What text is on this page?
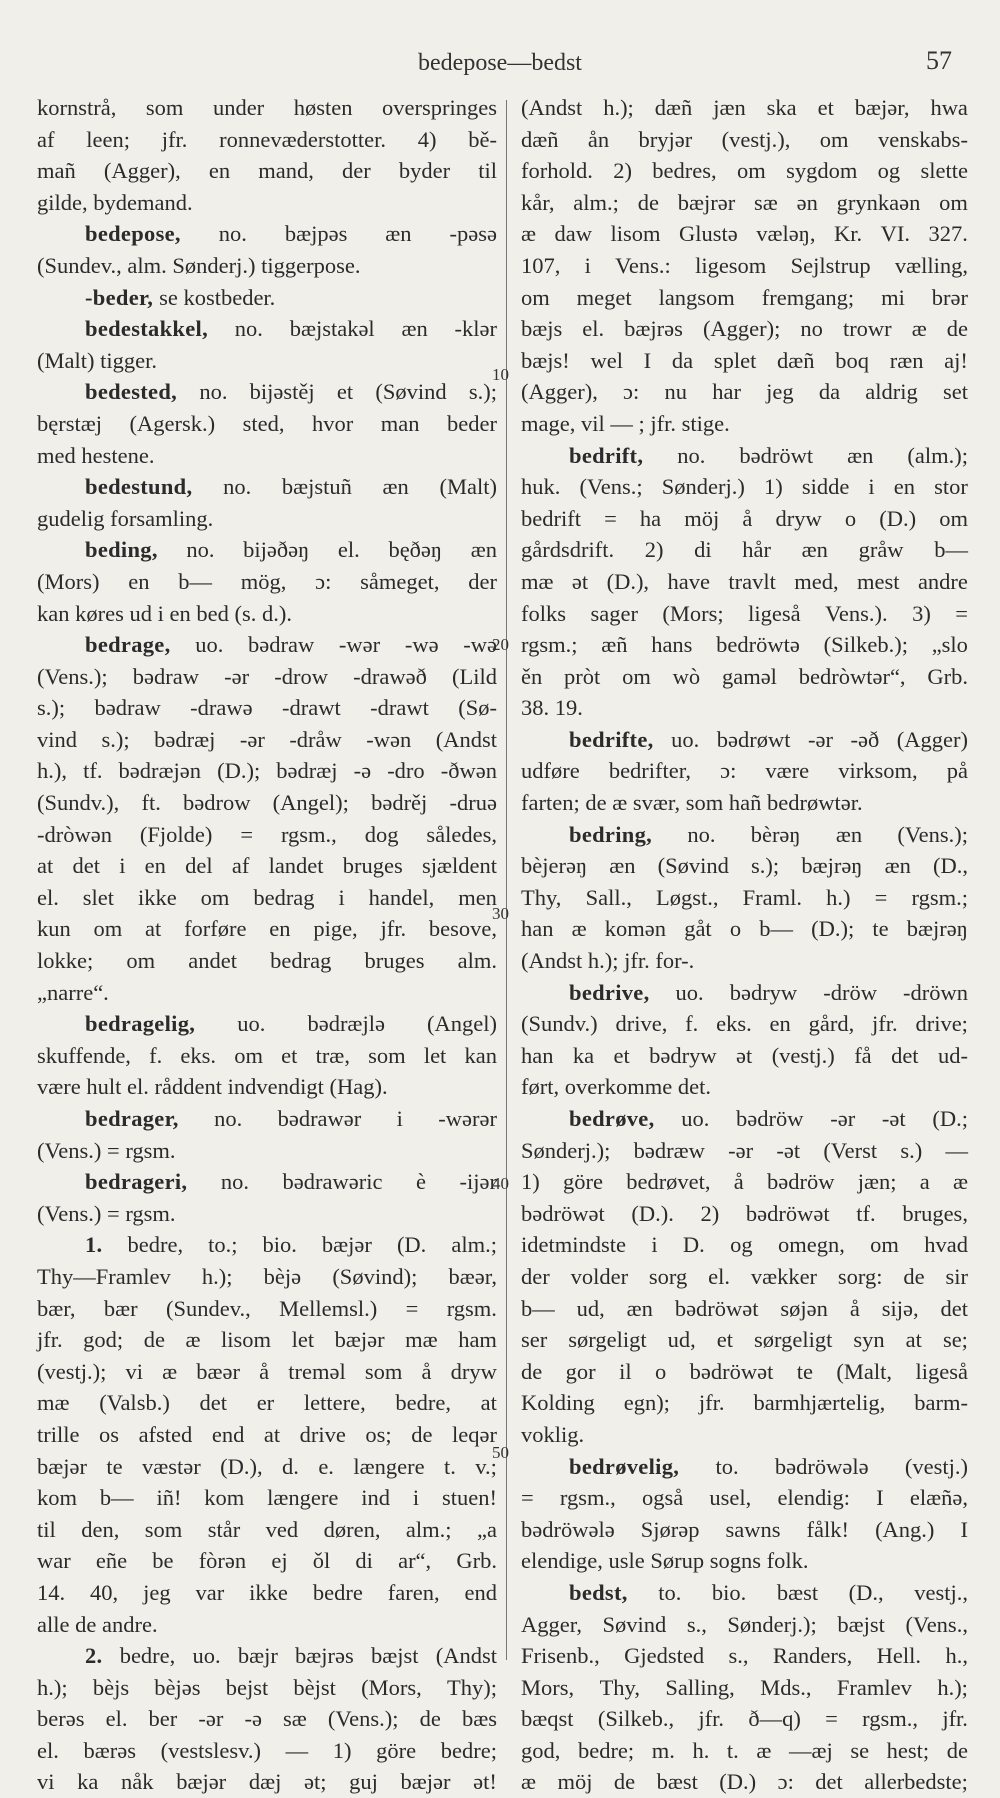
bedepose—bedst	57
kornstrå, som under høsten overspringes
af leen; jfr. ronnevæderstotter. 4) bě-
mañ (Agger), en mand, der byder til
gilde, bydemand.
bedepose, no. bæjpəs æn -pəsə
(Sundev., alm. Sønderj.) tiggerpose.
-beder, se kostbeder.
bedestakkel, no. bæjstakəl æn -klər
(Malt) tigger.
bedested, no. bijəstěj et (Søvind s.);
bęrstæj (Agersk.) sted, hvor man beder
med hestene.
bedestund, no. bæjstuñ æn (Malt)
gudelig forsamling.
beding, no. bijəðəŋ el. bęðəŋ æn
(Mors) en b— mög, ɔ: såmeget, der
kan køres ud i en bed (s. d.).
bedrage, uo. bədraw -wər -wə -wə
(Vens.); bədraw -ər -drow -drawəð (Lild
s.); bədraw -drawə -drawt -drawt (Sø-
vind s.); bədræj -ər -dråw -wən (Andst
h.), tf. bədræjən (D.); bədræj -ə -dro -ðwən
(Sundv.), ft. bədrow (Angel); bədrěj -druə
-dròwən (Fjolde) = rgsm., dog således,
at det i en del af landet bruges sjældent
el. slet ikke om bedrag i handel, men
kun om at forføre en pige, jfr. besove,
lokke; om andet bedrag bruges alm.
„narre“.
bedragelig, uo. bədræjlə (Angel)
skuffende, f. eks. om et træ, som let kan
være hult el. råddent indvendigt (Hag).
bedrager, no. bədrawər i -wərər
(Vens.) = rgsm.
bedrageri, no. bədrawəric è -ijər
(Vens.) = rgsm.
1. bedre, to.; bio. bæjər (D. alm.;
Thy—Framlev h.); bèjə (Søvind); bæər,
bær, bær (Sundev., Mellemsl.) = rgsm.
jfr. god; de æ lisom let bæjər mæ ham
(vestj.); vi æ bæər å treməl som å dryw
mæ (Valsb.) det er lettere, bedre, at
trille os afsted end at drive os; de leqər
bæjər te væstər (D.), d. e. længere t. v.;
kom b— iñ! kom længere ind i stuen!
til den, som står ved døren, alm.; „a
war eñe be fòrən ej ǒl di ar“, Grb.
14. 40, jeg var ikke bedre faren, end
alle de andre.
2. bedre, uo. bæjr bæjrəs bæjst (Andst
h.); bèjs bèjəs bejst bèjst (Mors, Thy);
berəs el. ber -ər -ə sæ (Vens.); de bæs
el. bærəs (vestslesv.) — 1) göre bedre;
vi ka nåk bæjər dæj ət; guj bæjər ət!
(Andst h.); dæñ jæn ska et bæjər, hwa
dæñ ån bryjər (vestj.), om venskabs-
forhold. 2) bedres, om sygdom og slette
kår, alm.; de bæjrər sæ ən grynkaən om
æ daw lisom Glustə væləŋ, Kr. VI. 327.
107, i Vens.: ligesom Sejlstrup vælling,
om meget langsom fremgang; mi brər
bæjs el. bæjrəs (Agger); no trowr æ de
bæjs! wel I da splet dæñ boq ræn aj!
(Agger), ɔ: nu har jeg da aldrig set
mage, vil — ; jfr. stige.
bedrift, no. bədröwt æn (alm.);
huk. (Vens.; Sønderj.) 1) sidde i en stor
bedrift = ha möj å dryw o (D.) om
gårdsdrift. 2) di hår æn gråw b—
mæ ət (D.), have travlt med, mest andre
folks sager (Mors; ligeså Vens.). 3) =
rgsm.; æñ hans bedröwtə (Silkeb.); „slo
ěn pròt om wò gaməl bedròwtər“, Grb.
38. 19.
bedrifte, uo. bədrøwt -ər -əð (Agger)
udføre bedrifter, ɔ: være virksom, på
farten; de æ svær, som hañ bedrøwtər.
bedring, no. bèrəŋ æn (Vens.);
bèjerəŋ æn (Søvind s.); bæjrəŋ æn (D.,
Thy, Sall., Løgst., Framl. h.) = rgsm.;
han æ komən gåt o b— (D.); te bæjrəŋ
(Andst h.); jfr. for-.
bedrive, uo. bədryw -dröw -dröwn
(Sundv.) drive, f. eks. en gård, jfr. drive;
han ka et bədryw ət (vestj.) få det ud-
ført, overkomme det.
bedrøve, uo. bədröw -ər -ət (D.;
Sønderj.); bədræw -ər -ət (Verst s.) —
1) göre bedrøvet, å bədröw jæn; a æ
bədröwət (D.). 2) bədröwət tf. bruges,
idetmindste i D. og omegn, om hvad
der volder sorg el. vækker sorg: de sir
b— ud, æn bədröwət søjən å sijə, det
ser sørgeligt ud, et sørgeligt syn at se;
de gor il o bədröwət te (Malt, ligeså
Kolding egn); jfr. barmhjærtelig, barm-
voklig.
bedrøvelig, to. bədröwələ (vestj.)
= rgsm., også usel, elendig: I elæñə,
bədröwələ Sjørəp sawns fålk! (Ang.) I
elendige, usle Sørup sogns folk.
bedst, to. bio. bæst (D., vestj.,
Agger, Søvind s., Sønderj.); bæjst (Vens.,
Frisenb., Gjedsted s., Randers, Hell. h.,
Mors, Thy, Salling, Mds., Framlev h.);
bæqst (Silkeb., jfr. ð—q) = rgsm., jfr.
god, bedre; m. h. t. æ —æj se hest; de
æ möj de bæst (D.) ɔ: det allerbedste;
10
20
30
40
50
